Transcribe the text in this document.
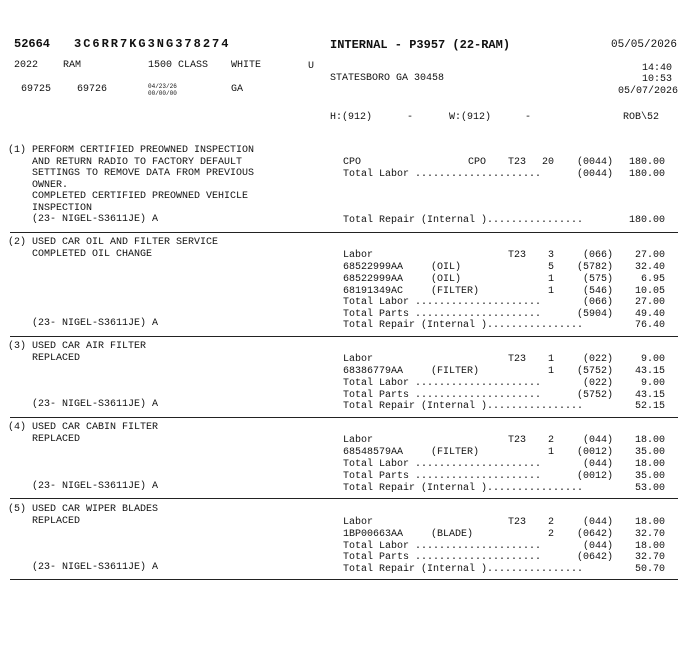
52664 3C6RR7KG3NG378274	INTERNAL - P3957 (22-RAM)	05/05/2026
2022 RAM	1500 CLASS WHITE	U	14:40
STATESBORO GA 30458	10:53
05/07/2026
69725	69726	04/23/26
00/00/00	GA
H:(912)	-	W:(912)	-	ROB\52
(1) PERFORM CERTIFIED PREOWNED INSPECTION
AND RETURN RADIO TO FACTORY DEFAULT
SETTINGS TO REMOVE DATA FROM PREVIOUS
OWNER.
COMPLETED CERTIFIED PREOWNED VEHICLE
INSPECTION
(23- NIGEL-S3611JE) A
CPO	CPO T23	20	(0044)	180.00
Total Labor .....................	(0044)	180.00
Total Repair (Internal )................	180.00
(2) USED CAR OIL AND FILTER SERVICE
COMPLETED OIL CHANGE
(23- NIGEL-S3611JE) A
Labor	T23	3	(066)	27.00
68522999AA	(OIL)	5	(5782)	32.40
68522999AA	(OIL)	1	(575)	6.95
68191349AC	(FILTER)	1	(546)	10.05
Total Labor .....................	(066)	27.00
Total Parts .....................	(5904)	49.40
Total Repair (Internal )................	76.40
(3) USED CAR AIR FILTER
REPLACED
(23- NIGEL-S3611JE) A
Labor	T23	1	(022)	9.00
68386779AA	(FILTER)	1	(5752)	43.15
Total Labor .....................	(022)	9.00
Total Parts .....................	(5752)	43.15
Total Repair (Internal )................	52.15
(4) USED CAR CABIN FILTER
REPLACED
(23- NIGEL-S3611JE) A
Labor	T23	2	(044)	18.00
68548579AA	(FILTER)	1	(0012)	35.00
Total Labor .....................	(044)	18.00
Total Parts .....................	(0012)	35.00
Total Repair (Internal )................	53.00
(5) USED CAR WIPER BLADES
REPLACED
(23- NIGEL-S3611JE) A
Labor	T23	2	(044)	18.00
1BP00663AA	(BLADE)	2	(0642)	32.70
Total Labor .....................	(044)	18.00
Total Parts .....................	(0642)	32.70
Total Repair (Internal )................	50.70
